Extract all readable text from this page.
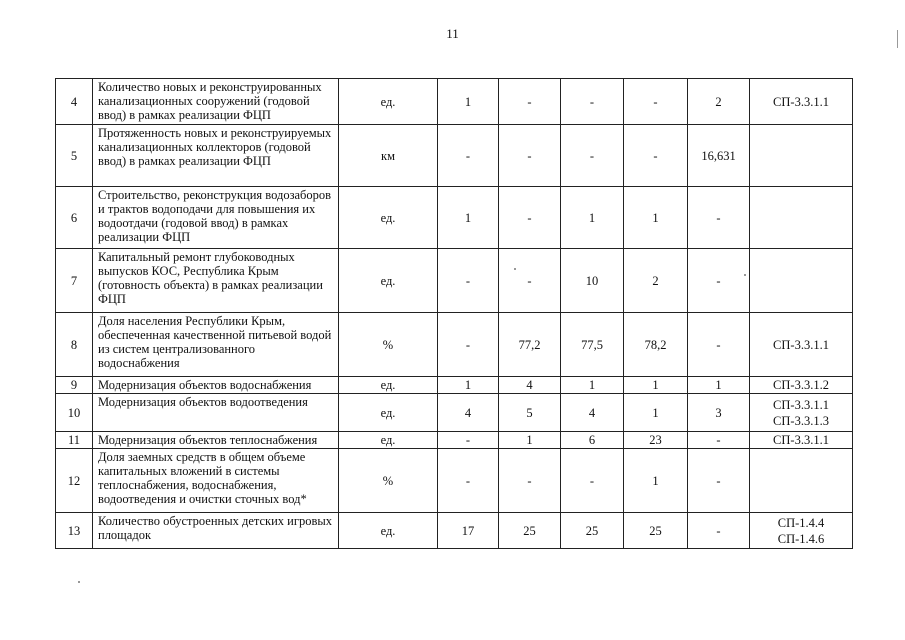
11
4	Количество новых и реконструированных канализационных сооружений (годовой ввод) в рамках реализации ФЦП	ед.	1	-	-	-	2	СП-3.3.1.1

5	Протяженность новых и реконструируемых канализационных коллекторов (годовой ввод) в рамках реализации ФЦП	км	-	-	-	-	16,631	
6	Строительство, реконструкция водозаборов и трактов водоподачи для повышения их водоотдачи (годовой ввод) в рамках реализации ФЦП	ед.	1	-	1	1	-	
7	Капитальный ремонт глубоководных выпусков КОС, Республика Крым (готовность объекта) в рамках реализации ФЦП	ед.	-	-	10	2	-	
8	Доля населения Республики Крым, обеспеченная качественной питьевой водой из систем централизованного водоснабжения	%	-	77,2	77,5	78,2	-	СП-3.3.1.1

9	Модернизация объектов водоснабжения	ед.	1	4	1	1	1	СП-3.3.1.2

10	Модернизация объектов водоотведения	ед.	4	5	4	1	3	СП-3.3.1.1
СП-3.3.1.3

11	Модернизация объектов теплоснабжения	ед.	-	1	6	23	-	СП-3.3.1.1

12	Доля заемных средств в общем объеме капитальных вложений в системы теплоснабжения, водоснабжения, водоотведения и очистки сточных вод*	%	-	-	-	1	-	
13	Количество обустроенных детских игровых площадок	ед.	17	25	25	25	-	СП-1.4.4
СП-1.4.6
